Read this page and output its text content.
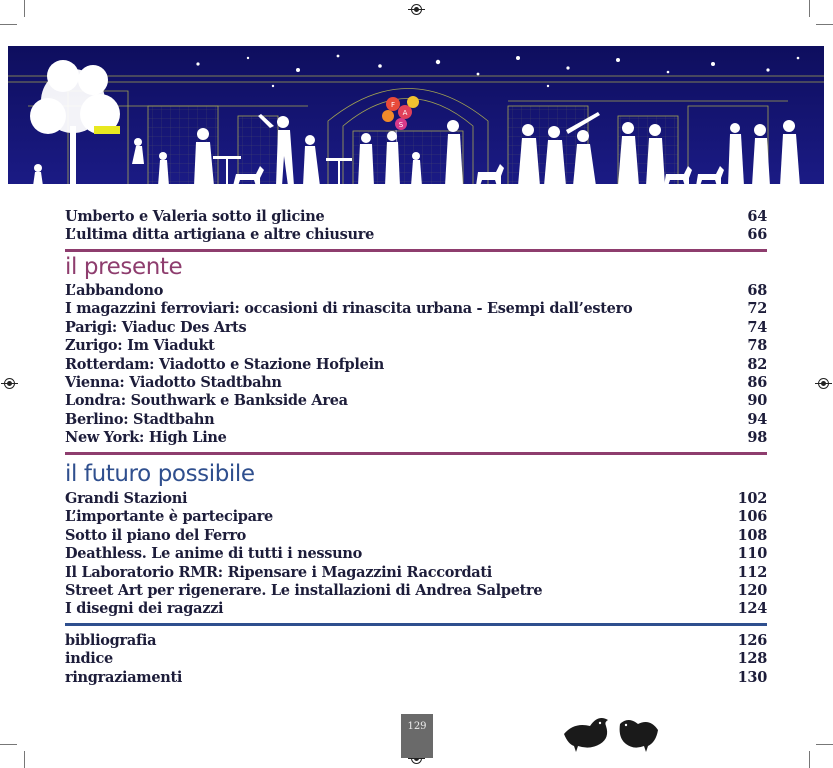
F
A
S
Umberto e Valeria sotto il glicine	64
L’ultima ditta artigiana e altre chiusure	66
il presente
L’abbandono	68
I magazzini ferroviari: occasioni di rinascita urbana - Esempi dall’estero	72
Parigi: Viaduc Des Arts	74
Zurigo: Im Viadukt	78
Rotterdam: Viadotto e Stazione Hofplein	82
Vienna: Viadotto Stadtbahn	86
Londra: Southwark e Bankside Area	90
Berlino: Stadtbahn	94
New York: High Line	98
il futuro possibile
Grandi Stazioni	102
L’importante è partecipare	106
Sotto il piano del Ferro	108
Deathless. Le anime di tutti i nessuno	110
Il Laboratorio RMR: Ripensare i Magazzini Raccordati	112
Street Art per rigenerare. Le installazioni di Andrea Salpetre	120
I disegni dei ragazzi	124
bibliografia	126
indice	128
ringraziamenti	130
129
